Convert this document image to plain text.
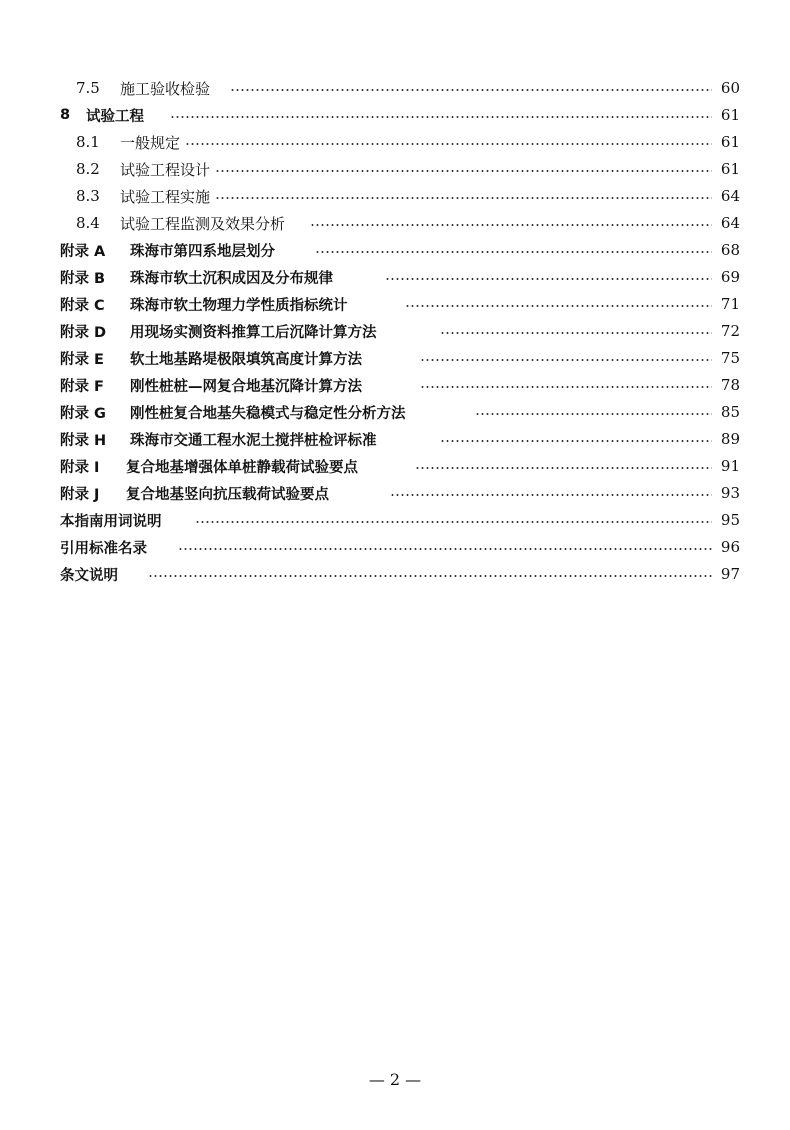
7.5 施工验收检验	60
8 试验工程	61
8.1 一般规定	61
8.2 试验工程设计	61
8.3 试验工程实施	64
8.4 试验工程监测及效果分析	64
附录 A 珠海市第四系地层划分	68
附录 B 珠海市软土沉积成因及分布规律	69
附录 C 珠海市软土物理力学性质指标统计	71
附录 D 用现场实测资料推算工后沉降计算方法	72
附录 E 软土地基路堤极限填筑高度计算方法	75
附录 F 刚性桩桩—网复合地基沉降计算方法	78
附录 G 刚性桩复合地基失稳模式与稳定性分析方法	85
附录 H 珠海市交通工程水泥土搅拌桩检评标准	89
附录 I 复合地基增强体单桩静载荷试验要点	91
附录 J 复合地基竖向抗压载荷试验要点	93
本指南用词说明	95
引用标准名录	96
条文说明	97
— 2 —
